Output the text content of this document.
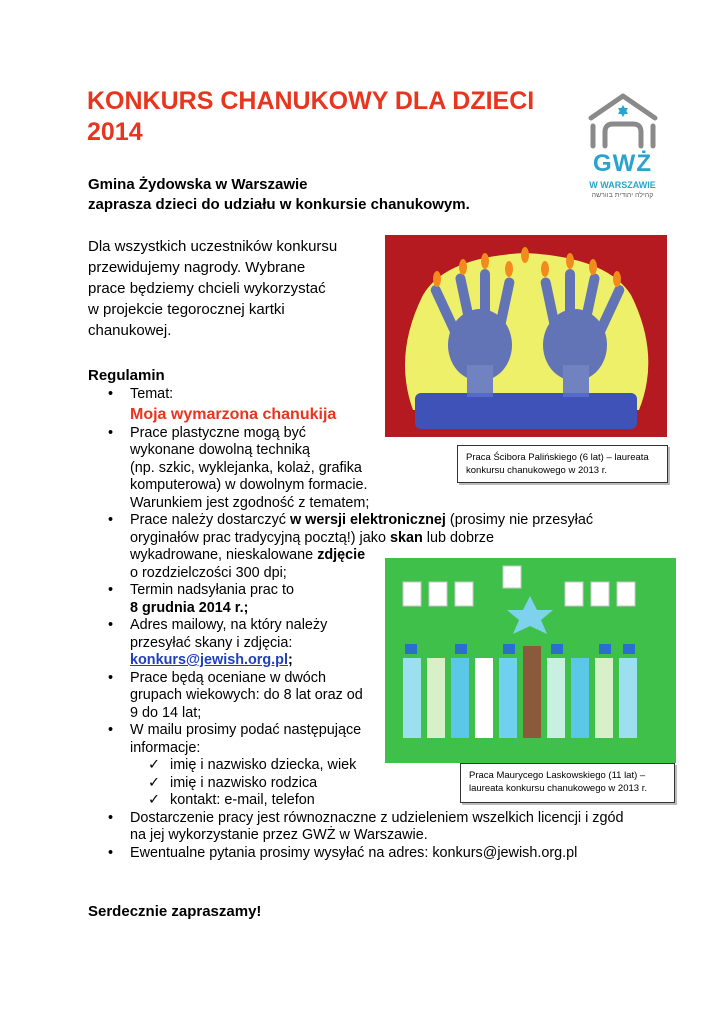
KONKURS CHANUKOWY DLA DZIECI
2014
GWŻ
W WARSZAWIE
קהילה יהודית בוורשה
Gmina Żydowska w Warszawie
zaprasza dzieci do udziału w konkursie chanukowym.
Dla wszystkich uczestników konkursu
przewidujemy nagrody. Wybrane
prace będziemy chcieli wykorzystać
w projekcie tegorocznej kartki
chanukowej.
Praca Ścibora Palińskiego (6 lat) – laureata konkursu chanukowego w 2013 r.
Praca Maurycego Laskowskiego (11 lat) – laureata konkursu chanukowego w 2013 r.
Regulamin
• Temat:
Moja wymarzona chanukija
• Prace plastyczne mogą być
wykonane dowolną techniką
(np. szkic, wyklejanka, kolaż, grafika
komputerowa) w dowolnym formacie.
Warunkiem jest zgodność z tematem;
• Prace należy dostarczyć w wersji elektronicznej (prosimy nie przesyłać
oryginałów prac tradycyjną pocztą!) jako skan lub dobrze
wykadrowane, nieskalowane zdjęcie
o rozdzielczości 300 dpi;
• Termin nadsyłania prac to
8 grudnia 2014 r.;
• Adres mailowy, na który należy
przesyłać skany i zdjęcia:
konkurs@jewish.org.pl;
• Prace będą oceniane w dwóch
grupach wiekowych: do 8 lat oraz od
9 do 14 lat;
• W mailu prosimy podać następujące
informacje:
✓ imię i nazwisko dziecka, wiek
✓ imię i nazwisko rodzica
✓ kontakt: e-mail, telefon
• Dostarczenie pracy jest równoznaczne z udzieleniem wszelkich licencji i zgód
na jej wykorzystanie przez GWŻ w Warszawie.
• Ewentualne pytania prosimy wysyłać na adres: konkurs@jewish.org.pl
Serdecznie zapraszamy!
